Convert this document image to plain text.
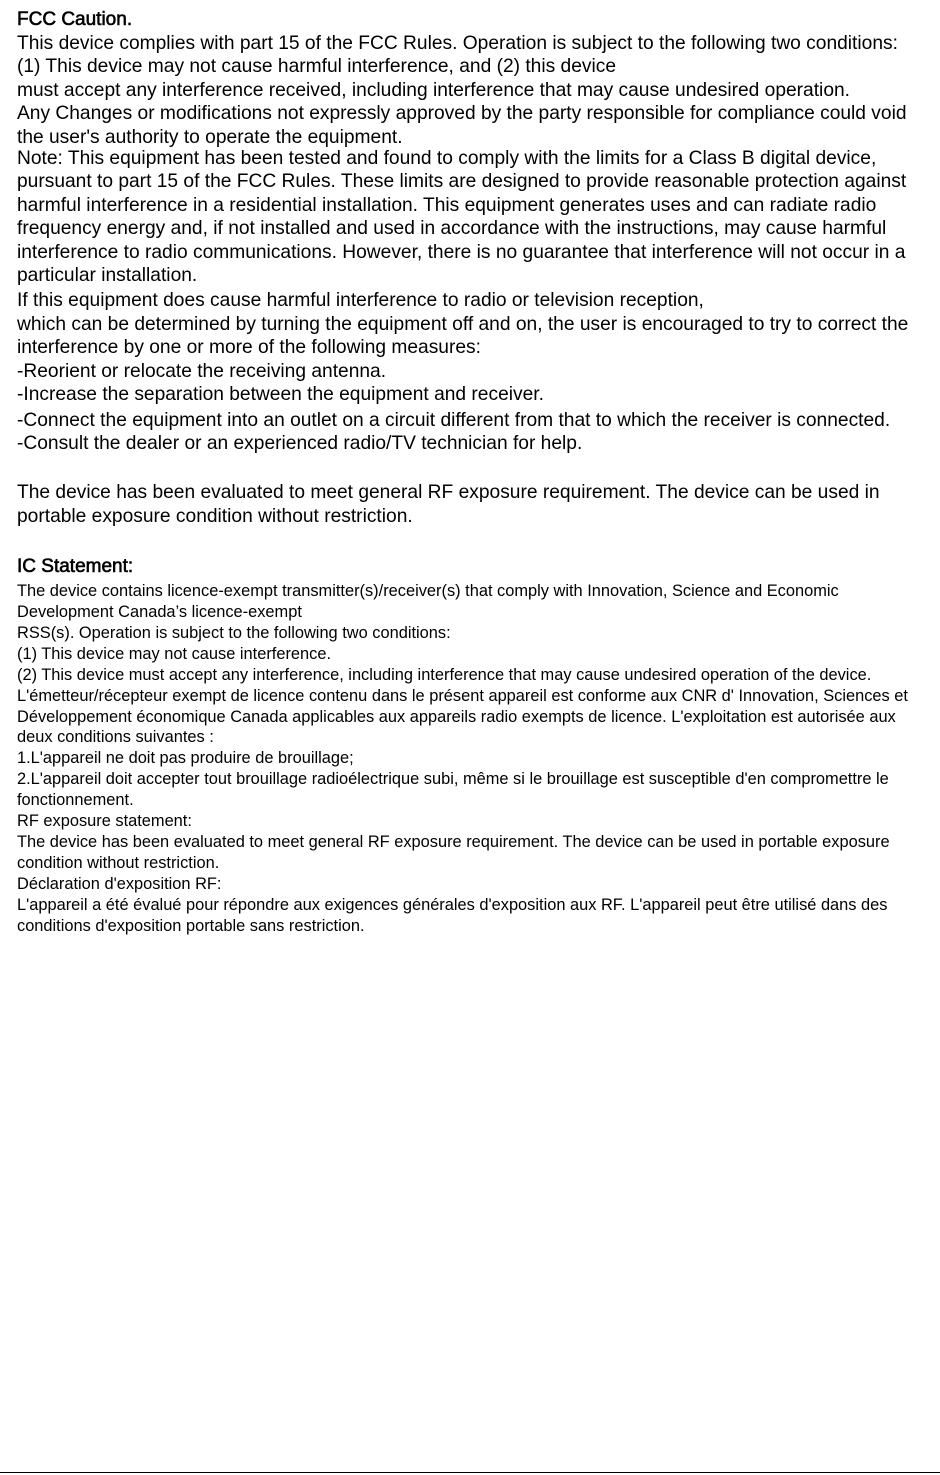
FCC Caution.

This device complies with part 15 of the FCC Rules. Operation is subject to the following two conditions: (1) This device may not cause harmful interference, and (2) this device

must accept any interference received, including interference that may cause undesired operation.

Any Changes or modifications not expressly approved by the party responsible for compliance could void the user's authority to operate the equipment.

Note: This equipment has been tested and found to comply with the limits for a Class B digital device, pursuant to part 15 of the FCC Rules. These limits are designed to provide reasonable protection against harmful interference in a residential installation. This equipment generates uses and can radiate radio frequency energy and, if not installed and used in accordance with the instructions, may cause harmful interference to radio communications. However, there is no guarantee that interference will not occur in a particular installation.

If this equipment does cause harmful interference to radio or television reception,

which can be determined by turning the equipment off and on, the user is encouraged to try to correct the interference by one or more of the following measures:

-Reorient or relocate the receiving antenna.

-Increase the separation between the equipment and receiver.

-Connect the equipment into an outlet on a circuit different from that to which the receiver is connected.

-Consult the dealer or an experienced radio/TV technician for help.

The device has been evaluated to meet general RF exposure requirement. The device can be used in portable exposure condition without restriction.

IC Statement:

The device contains licence-exempt transmitter(s)/receiver(s) that comply with Innovation, Science and Economic Development Canada’s licence-exempt

RSS(s). Operation is subject to the following two conditions:

(1) This device may not cause interference.

(2) This device must accept any interference, including interference that may cause undesired operation of the device.

L'émetteur/récepteur exempt de licence contenu dans le présent appareil est conforme aux CNR d' Innovation, Sciences et Développement économique Canada applicables aux appareils radio exempts de licence. L'exploitation est autorisée aux deux conditions suivantes :

1.L'appareil ne doit pas produire de brouillage;

2.L'appareil doit accepter tout brouillage radioélectrique subi, même si le brouillage est susceptible d'en compromettre le fonctionnement.

RF exposure statement:

The device has been evaluated to meet general RF exposure requirement. The device can be used in portable exposure condition without restriction.

Déclaration d'exposition RF:

L'appareil a été évalué pour répondre aux exigences générales d'exposition aux RF. L'appareil peut être utilisé dans des conditions d'exposition portable sans restriction.
